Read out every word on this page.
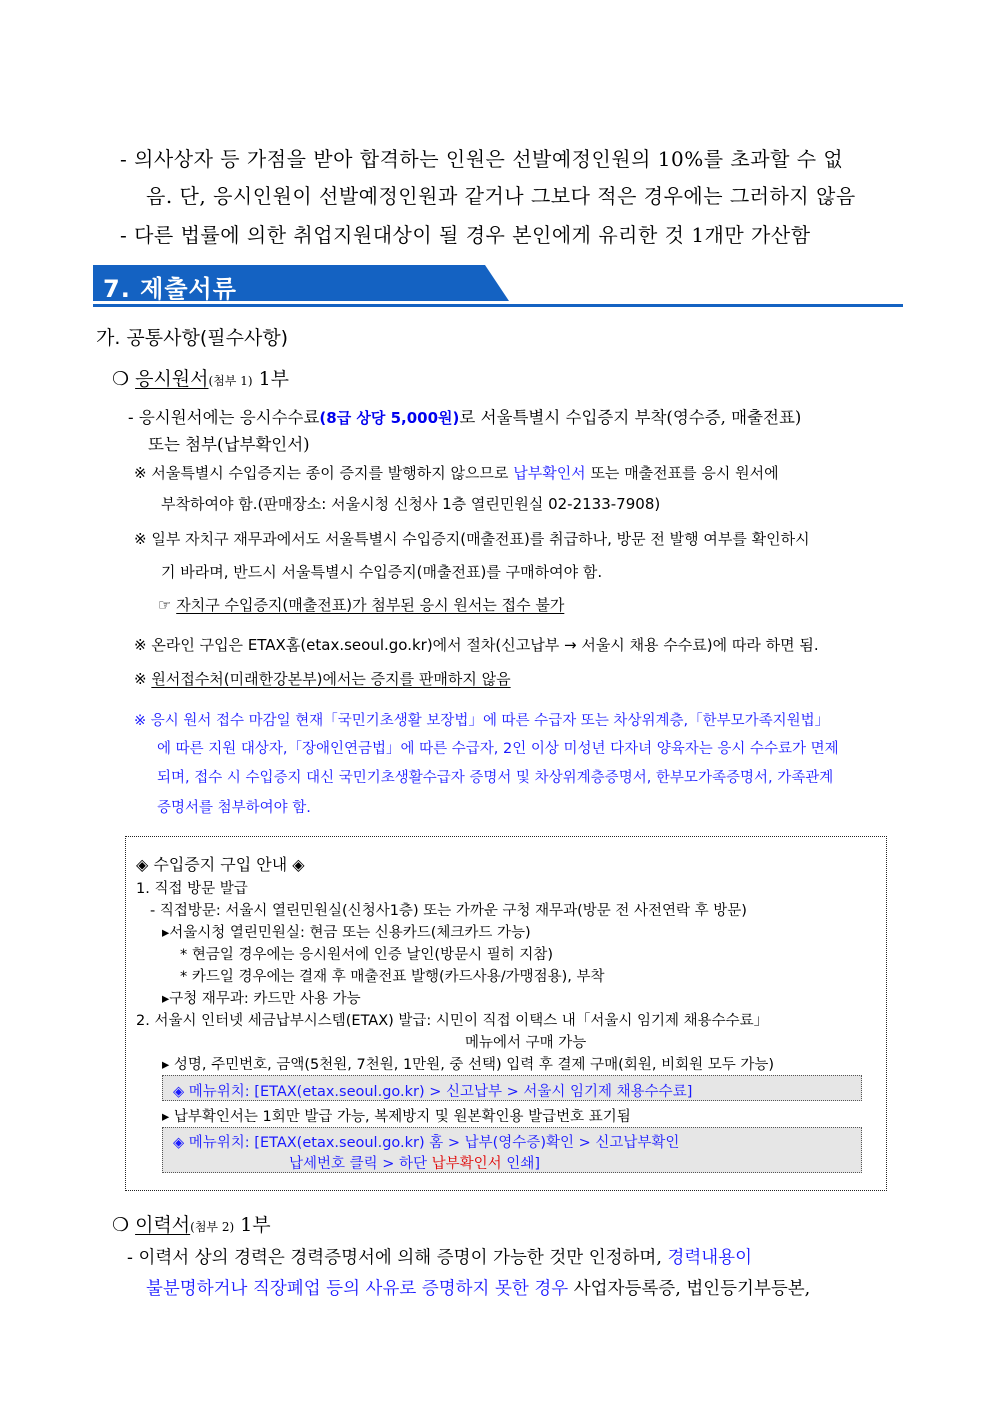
- 의사상자 등 가점을 받아 합격하는 인원은 선발예정인원의 10%를 초과할 수 없
음. 단, 응시인원이 선발예정인원과 같거나 그보다 적은 경우에는 그러하지 않음
- 다른 법률에 의한 취업지원대상이 될 경우 본인에게 유리한 것 1개만 가산함
7. 제출서류
가. 공통사항(필수사항)
❍ 응시원서(첨부 1) 1부
- 응시원서에는 응시수수료(8급 상당 5,000원)로 서울특별시 수입증지 부착(영수증, 매출전표)
또는 첨부(납부확인서)
※ 서울특별시 수입증지는 종이 증지를 발행하지 않으므로 납부확인서 또는 매출전표를 응시 원서에
부착하여야 함.(판매장소: 서울시청 신청사 1층 열린민원실 02-2133-7908)
※ 일부 자치구 재무과에서도 서울특별시 수입증지(매출전표)를 취급하나, 방문 전 발행 여부를 확인하시
기 바라며, 반드시 서울특별시 수입증지(매출전표)를 구매하여야 함.
☞ 자치구 수입증지(매출전표)가 첨부된 응시 원서는 접수 불가
※ 온라인 구입은 ETAX홈(etax.seoul.go.kr)에서 절차(신고납부 → 서울시 채용 수수료)에 따라 하면 됨.
※ 원서접수처(미래한강본부)에서는 증지를 판매하지 않음
※ 응시 원서 접수 마감일 현재「국민기초생활 보장법」에 따른 수급자 또는 차상위계층,「한부모가족지원법」
에 따른 지원 대상자,「장애인연금법」에 따른 수급자, 2인 이상 미성년 다자녀 양육자는 응시 수수료가 면제
되며, 접수 시 수입증지 대신 국민기초생활수급자 증명서 및 차상위계층증명서, 한부모가족증명서, 가족관계
증명서를 첨부하여야 함.
◈ 수입증지 구입 안내 ◈
1. 직접 방문 발급
- 직접방문: 서울시 열린민원실(신청사1층) 또는 가까운 구청 재무과(방문 전 사전연락 후 방문)
▸서울시청 열린민원실: 현금 또는 신용카드(체크카드 가능)
* 현금일 경우에는 응시원서에 인증 날인(방문시 필히 지참)
* 카드일 경우에는 결재 후 매출전표 발행(카드사용/가맹점용), 부착
▸구청 재무과: 카드만 사용 가능
2. 서울시 인터넷 세금납부시스템(ETAX) 발급: 시민이 직접 이택스 내「서울시 임기제 채용수수료」
메뉴에서 구매 가능
▸ 성명, 주민번호, 금액(5천원, 7천원, 1만원, 중 선택) 입력 후 결제 구매(회원, 비회원 모두 가능)
◈ 메뉴위치: [ETAX(etax.seoul.go.kr) > 신고납부 > 서울시 임기제 채용수수료]
▸ 납부확인서는 1회만 발급 가능, 복제방지 및 원본확인용 발급번호 표기됨
◈ 메뉴위치: [ETAX(etax.seoul.go.kr) 홈 > 납부(영수증)확인 > 신고납부확인
납세번호 클릭 > 하단 납부확인서 인쇄]
❍ 이력서(첨부 2) 1부
- 이력서 상의 경력은 경력증명서에 의해 증명이 가능한 것만 인정하며, 경력내용이
불분명하거나 직장폐업 등의 사유로 증명하지 못한 경우 사업자등록증, 법인등기부등본,
